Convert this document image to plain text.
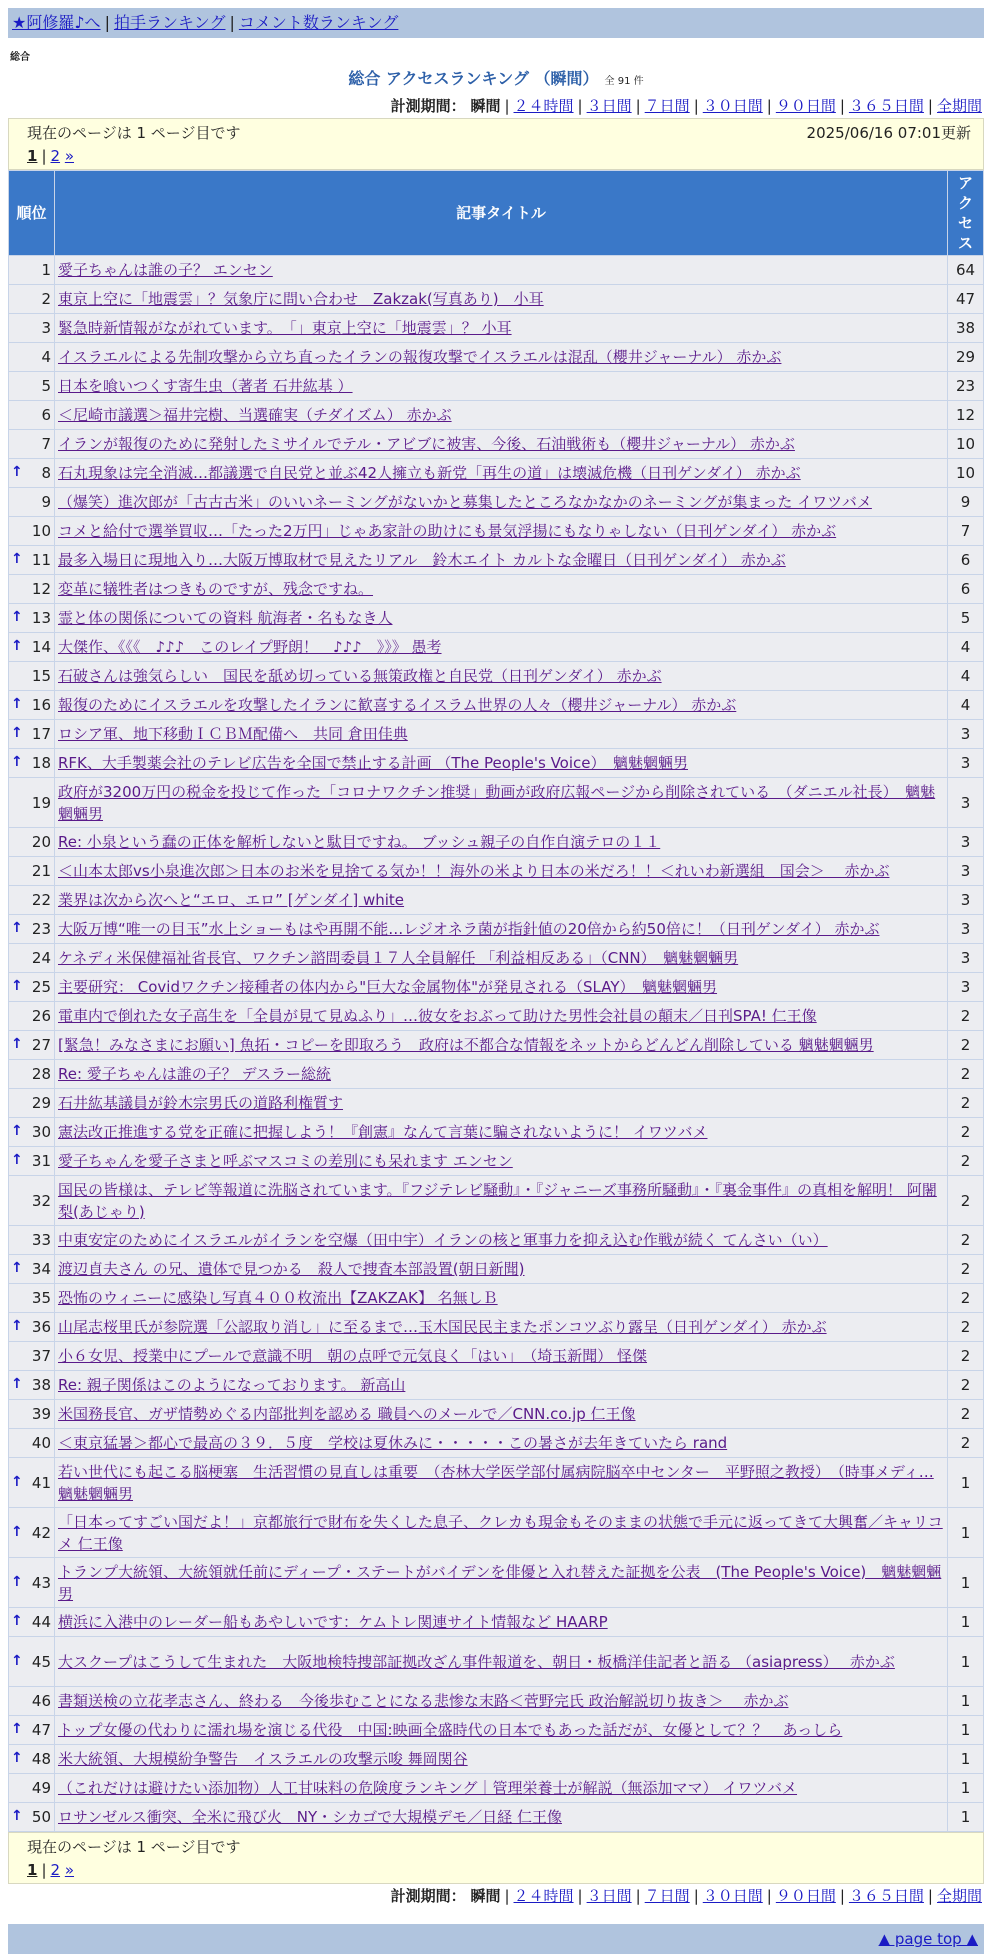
★阿修羅♪へ | 拍手ランキング | コメント数ランキング
総合
総合 アクセスランキング （瞬間） 全 91 件
計測期間： 瞬間 | ２４時間 | ３日間 | ７日間 | ３０日間 | ９０日間 | ３６５日間 | 全期間
現在のページは 1 ページ目です	2025/06/16 07:01更新
1 | 2 »
順位	記事タイトル	アクセス
1	愛子ちゃんは誰の子？ エンセン	64
2	東京上空に「地震雲」？気象庁に問い合わせ　Zakzak(写真あり)　小耳	47
3	緊急時新情報がながれています。　「」東京上空に「地震雲」？ 小耳	38
4	イスラエルによる先制攻撃から立ち直ったイランの報復攻撃でイスラエルは混乱（櫻井ジャーナル） 赤かぶ	29
5	日本を喰いつくす寄生虫（著者 石井紘基 ）	23
6	＜尼崎市議選＞福井完樹、当選確実（チダイズム） 赤かぶ	12
7	イランが報復のために発射したミサイルでテル・アビブに被害、今後、石油戦術も（櫻井ジャーナル） 赤かぶ	10

↑ 8	石丸現象は完全消滅…都議選で自民党と並ぶ42人擁立も新党「再生の道」は壊滅危機（日刊ゲンダイ） 赤かぶ	10
9	（爆笑）進次郎が「古古古米」のいいネーミングがないかと募集したところなかなかのネーミングが集まった イワツバメ	9
10	コメと給付で選挙買収…「たった2万円」じゃあ家計の助けにも景気浮揚にもなりゃしない（日刊ゲンダイ） 赤かぶ	7

↑ 11	最多入場日に現地入り…大阪万博取材で見えたリアル　鈴木エイト カルトな金曜日（日刊ゲンダイ） 赤かぶ	6
12	変革に犠牲者はつきものですが、残念ですね。	6

↑ 13	霊と体の関係についての資料 航海者・名もなき人	5

↑ 14	大傑作、《《《　♪♪♪　このレイプ野朗！　♪♪♪　》》》 愚考	4
15	石破さんは強気らしい　国民を舐め切っている無策政権と自民党（日刊ゲンダイ） 赤かぶ	4

↑ 16	報復のためにイスラエルを攻撃したイランに歓喜するイスラム世界の人々（櫻井ジャーナル） 赤かぶ	4

↑ 17	ロシア軍、地下移動ＩＣＢＭ配備へ　共同 倉田佳典	3

↑ 18	RFK、大手製薬会社のテレビ広告を全国で禁止する計画 （The People's Voice）　魑魅魍魎男	3
19	政府が3200万円の税金を投じて作った「コロナワクチン推奨」動画が政府広報ページから削除されている　（ダニエル社長）　魑魅魍魎男	3
20	Re: 小泉という蠢の正体を解析しないと駄目ですね。 ブッシュ親子の自作自演テロの１１	3
21	＜山本太郎vs小泉進次郎＞日本のお米を見捨てる気か！！海外の米より日本の米だろ！！＜れいわ新選組　国会＞　 赤かぶ	3
22	業界は次から次へと“エロ、エロ” [ゲンダイ] white	3

↑ 23	大阪万博“唯一の目玉”水上ショーもはや再開不能…レジオネラ菌が指針値の20倍から約50倍に！（日刊ゲンダイ） 赤かぶ	3
24	ケネディ米保健福祉省長官、ワクチン諮問委員１７人全員解任 「利益相反ある」（CNN）　魑魅魍魎男	3

↑ 25	主要研究： Covidワクチン接種者の体内から"巨大な金属物体"が発見される（SLAY）　魑魅魍魎男	3
26	電車内で倒れた女子高生を「全員が見て見ぬふり」…彼女をおぶって助けた男性会社員の顛末／日刊SPA! 仁王像	2

↑ 27	[緊急！みなさまにお願い] 魚拓・コピーを即取ろう　政府は不都合な情報をネットからどんどん削除している 魑魅魍魎男	2
28	Re: 愛子ちゃんは誰の子？ デスラー総統	2
29	石井紘基議員が鈴木宗男氏の道路利権質す	2

↑ 30	憲法改正推進する党を正確に把握しよう！『創憲』なんて言葉に騙されないように！ イワツバメ	2

↑ 31	愛子ちゃんを愛子さまと呼ぶマスコミの差別にも呆れます エンセン	2
32	国民の皆様は、テレビ等報道に洗脳されています。『フジテレビ騒動』・『ジャニーズ事務所騒動』・『裏金事件』の真相を解明！ 阿闍梨(あじゃり)	2
33	中東安定のためにイスラエルがイランを空爆（田中宇）イランの核と軍事力を抑え込む作戦が続く てんさい（い）	2

↑ 34	渡辺貞夫さん の兄、遺体で見つかる　殺人で捜査本部設置(朝日新聞)	2
35	恐怖のウィニーに感染し写真４００枚流出【ZAKZAK】 名無しＢ	2

↑ 36	山尾志桜里氏が参院選「公認取り消し」に至るまで…玉木国民民主またポンコツぶり露呈（日刊ゲンダイ） 赤かぶ	2
37	小６女児、授業中にプールで意識不明　朝の点呼で元気良く「はい」　（埼玉新聞） 怪傑	2

↑ 38	Re: 親子関係はこのようになっております。 新高山	2
39	米国務長官、ガザ情勢めぐる内部批判を認める 職員へのメールで／CNN.co.jp 仁王像	2
40	＜東京猛暑＞都心で最高の３９．５度　学校は夏休みに・・・・・この暑さが去年きていたら rand	2

↑ 41	若い世代にも起こる脳梗塞　生活習慣の見直しは重要　（杏林大学医学部付属病院脳卒中センター　平野照之教授）　（時事メディ… 魑魅魍魎男	1

↑ 42	「日本ってすごい国だよ！」京都旅行で財布を失くした息子、クレカも現金もそのままの状態で手元に返ってきて大興奮／キャリコメ 仁王像	1

↑ 43	トランプ大統領、大統領就任前にディープ・ステートがバイデンを俳優と入れ替えた証拠を公表　(The People's Voice)　魑魅魍魎男	1

↑ 44	横浜に入港中のレーダー船もあやしいです：ケムトレ関連サイト情報など HAARP	1

↑ 45	大スクープはこうして生まれた　大阪地検特捜部証拠改ざん事件報道を、朝日・板橋洋佳記者と語る （asiapress）　 赤かぶ	1
46	書類送検の立花孝志さん、終わる　今後歩むことになる悲惨な末路＜菅野完氏 政治解説切り抜き＞　 赤かぶ	1

↑ 47	トップ女優の代わりに濡れ場を演じる代役　中国:映画全盛時代の日本でもあった話だが、女優として？？　あっしら	1

↑ 48	米大統領、大規模紛争警告　イスラエルの攻撃示唆 舞岡関谷	1
49	（これだけは避けたい添加物）人工甘味料の危険度ランキング｜管理栄養士が解説（無添加ママ） イワツバメ	1

↑ 50	ロサンゼルス衝突、全米に飛び火　NY・シカゴで大規模デモ／日経 仁王像	1
現在のページは 1 ページ目です
1 | 2 »
計測期間： 瞬間 | ２４時間 | ３日間 | ７日間 | ３０日間 | ９０日間 | ３６５日間 | 全期間
▲ page top ▲
